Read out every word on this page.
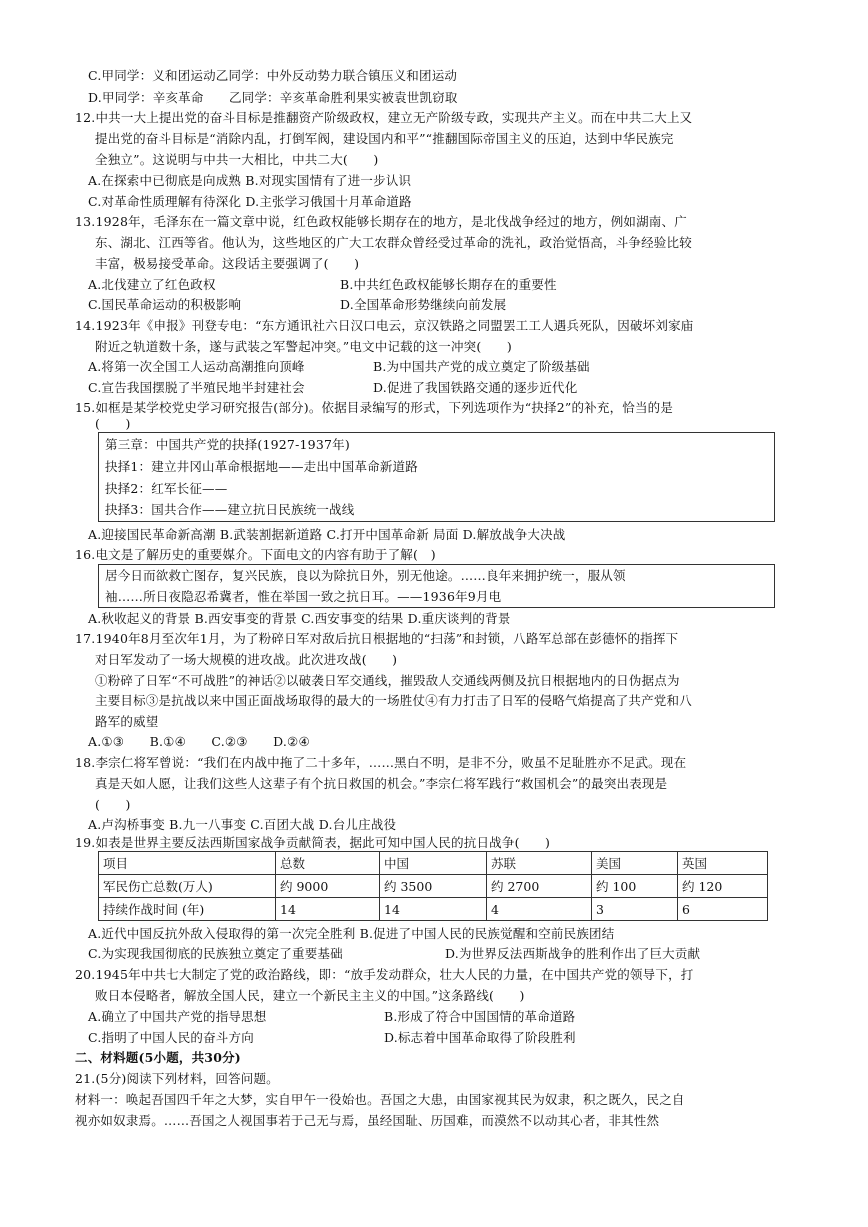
C.甲同学：义和团运动乙同学：中外反动势力联合镇压义和团运动
D.甲同学：辛亥革命　　乙同学：辛亥革命胜利果实被袁世凯窃取
12.中共一大上提出党的奋斗目标是推翻资产阶级政权，建立无产阶级专政，实现共产主义。而在中共二大上又
提出党的奋斗目标是“消除内乱，打倒军阀，建设国内和平”“推翻国际帝国主义的压迫，达到中华民族完
全独立”。这说明与中共一大相比，中共二大(　　)
A.在探索中已彻底是向成熟 B.对现实国情有了进一步认识
C.对革命性质理解有待深化 D.主张学习俄国十月革命道路
13.1928年，毛泽东在一篇文章中说，红色政权能够长期存在的地方，是北伐战争经过的地方，例如湖南、广
东、湖北、江西等省。他认为，这些地区的广大工农群众曾经受过革命的洗礼，政治觉悟高，斗争经验比较
丰富，极易接受革命。这段话主要强调了(　　)
A.北伐建立了红色政权	B.中共红色政权能够长期存在的重要性
C.国民革命运动的积极影响	D.全国革命形势继续向前发展
14.1923年《申报》刊登专电：“东方通讯社六日汉口电云，京汉铁路之同盟罢工工人遇兵死队，因破坏刘家庙
附近之轨道数十条，遂与武装之军警起冲突。”电文中记载的这一冲突(　　)
A.将第一次全国工人运动高潮推向顶峰	B.为中国共产党的成立奠定了阶级基础
C.宣告我国摆脱了半殖民地半封建社会	D.促进了我国铁路交通的逐步近代化
15.如框是某学校党史学习研究报告(部分)。依据目录编写的形式，下列选项作为“抉择2”的补充，恰当的是
(　　)
第三章：中国共产党的抉择(1927-1937年)
抉择1：建立井冈山革命根据地——走出中国革命新道路
抉择2：红军长征——
抉择3：国共合作——建立抗日民族统一战线
A.迎接国民革命新高潮 B.武装割据新道路 C.打开中国革命新 局面 D.解放战争大决战
16.电文是了解历史的重要媒介。下面电文的内容有助于了解(　)
居今日而欲救亡图存，复兴民族，良以为除抗日外，别无他途。……良年来拥护统一，服从领
袖……所日夜隐忍希冀者，惟在举国一致之抗日耳。——1936年9月电
A.秋收起义的背景 B.西安事变的背景 C.西安事变的结果 D.重庆谈判的背景
17.1940年8月至次年1月，为了粉碎日军对敌后抗日根据地的“扫荡”和封锁，八路军总部在彭德怀的指挥下
对日军发动了一场大规模的进攻战。此次进攻战(　　)
①粉碎了日军“不可战胜”的神话②以破袭日军交通线，摧毁敌人交通线两侧及抗日根据地内的日伪据点为
主要目标③是抗战以来中国正面战场取得的最大的一场胜仗④有力打击了日军的侵略气焰提高了共产党和八
路军的威望
A.①③　　B.①④　　C.②③　　D.②④
18.李宗仁将军曾说：“我们在内战中拖了二十多年，……黑白不明，是非不分，败虽不足耻胜亦不足武。现在
真是天如人愿，让我们这些人这辈子有个抗日救国的机会。”李宗仁将军践行“救国机会”的最突出表现是
(　　)
A.卢沟桥事变 B.九一八事变 C.百团大战 D.台儿庄战役
19.如表是世界主要反法西斯国家战争贡献简表，据此可知中国人民的抗日战争(　　)
项目	总数	中国	苏联	美国	英国
军民伤亡总数(万人)	约 9000	约 3500	约 2700	约 100	约 120
持续作战时间 (年)	14	14	4	3	6
A.近代中国反抗外敌入侵取得的第一次完全胜利 B.促进了中国人民的民族觉醒和空前民族团结
C.为实现我国彻底的民族独立奠定了重要基础	D.为世界反法西斯战争的胜利作出了巨大贡献
20.1945年中共七大制定了党的政治路线，即：“放手发动群众，壮大人民的力量，在中国共产党的领导下，打
败日本侵略者，解放全国人民，建立一个新民主主义的中国。”这条路线(　　)
A.确立了中国共产党的指导思想	B.形成了符合中国国情的革命道路
C.指明了中国人民的奋斗方向	D.标志着中国革命取得了阶段胜利
二、材料题(5小题，共30分)
21.(5分)阅读下列材料，回答问题。
材料一：唤起吾国四千年之大梦，实自甲午一役始也。吾国之大患，由国家视其民为奴隶，积之既久，民之自
视亦如奴隶焉。……吾国之人视国事若于己无与焉，虽经国耻、历国难，而漠然不以动其心者，非其性然
